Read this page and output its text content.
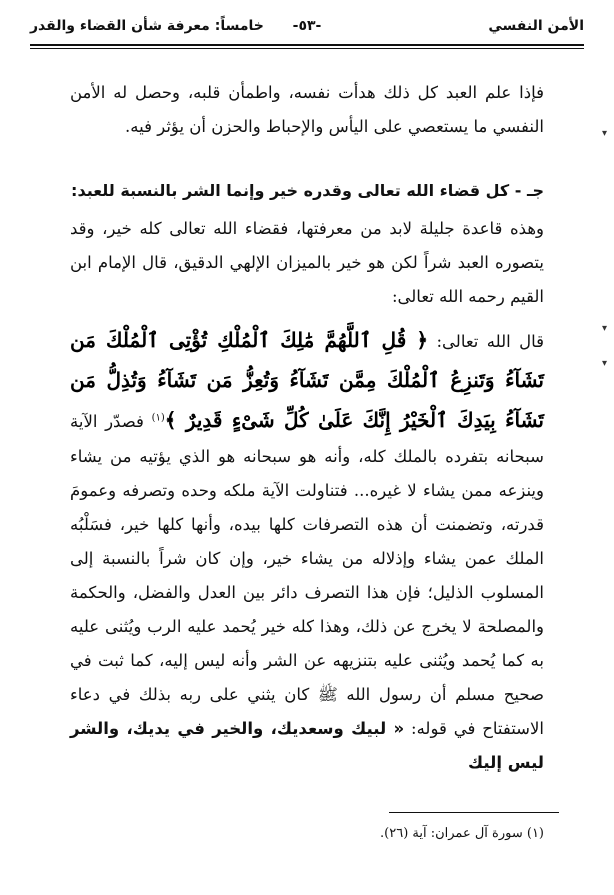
الأمن النفسي
-٥٣-
خامساً: معرفة شأن القضاء والقدر

فإذا علم العبد كل ذلك هدأت نفسه، واطمأن قلبه، وحصل له الأمن النفسي ما يستعصي على اليأس والإحباط والحزن أن يؤثر فيه.

جـ - كل قضاء الله تعالى وقدره خير وإنما الشر بالنسبة للعبد:

وهذه قاعدة جليلة لابد من معرفتها، فقضاء الله تعالى كله خير، وقد يتصوره العبد شراً لكن هو خير بالميزان الإلهي الدقيق، قال الإمام ابن القيم رحمه الله تعالى:

قال الله تعالى: ﴿ قُلِ ٱللَّهُمَّ مَٰلِكَ ٱلْمُلْكِ تُؤْتِى ٱلْمُلْكَ مَن تَشَآءُ وَتَنزِعُ ٱلْمُلْكَ مِمَّن تَشَآءُ وَتُعِزُّ مَن تَشَآءُ وَتُذِلُّ مَن تَشَآءُ بِيَدِكَ ٱلْخَيْرُ إِنَّكَ عَلَىٰ كُلِّ شَىْءٍ قَدِيرٌ ﴾$^{(١)}$ فصدّر الآية سبحانه بتفرده بالملك كله، وأنه هو سبحانه هو الذي يؤتيه من يشاء وينزعه ممن يشاء لا غيره... فتناولت الآية ملكه وحده وتصرفه وعمومَ قدرته، وتضمنت أن هذه التصرفات كلها بيده، وأنها كلها خير، فسَلْبُه الملك عمن يشاء وإذلاله من يشاء خير، وإن كان شراً بالنسبة إلى المسلوب الذليل؛ فإن هذا التصرف دائر بين العدل والفضل، والحكمة والمصلحة لا يخرج عن ذلك، وهذا كله خير يُحمد عليه الرب ويُثنى عليه به كما يُحمد ويُثنى عليه بتنزيهه عن الشر وأنه ليس إليه، كما ثبت في صحيح مسلم أن رسول الله ﷺ كان يثني على ربه بذلك في دعاء الاستفتاح في قوله: « لبيك وسعديك، والخير في يديك، والشر ليس إليك

▾
▾
▾
(١) سورة آل عمران: آية (٢٦).
